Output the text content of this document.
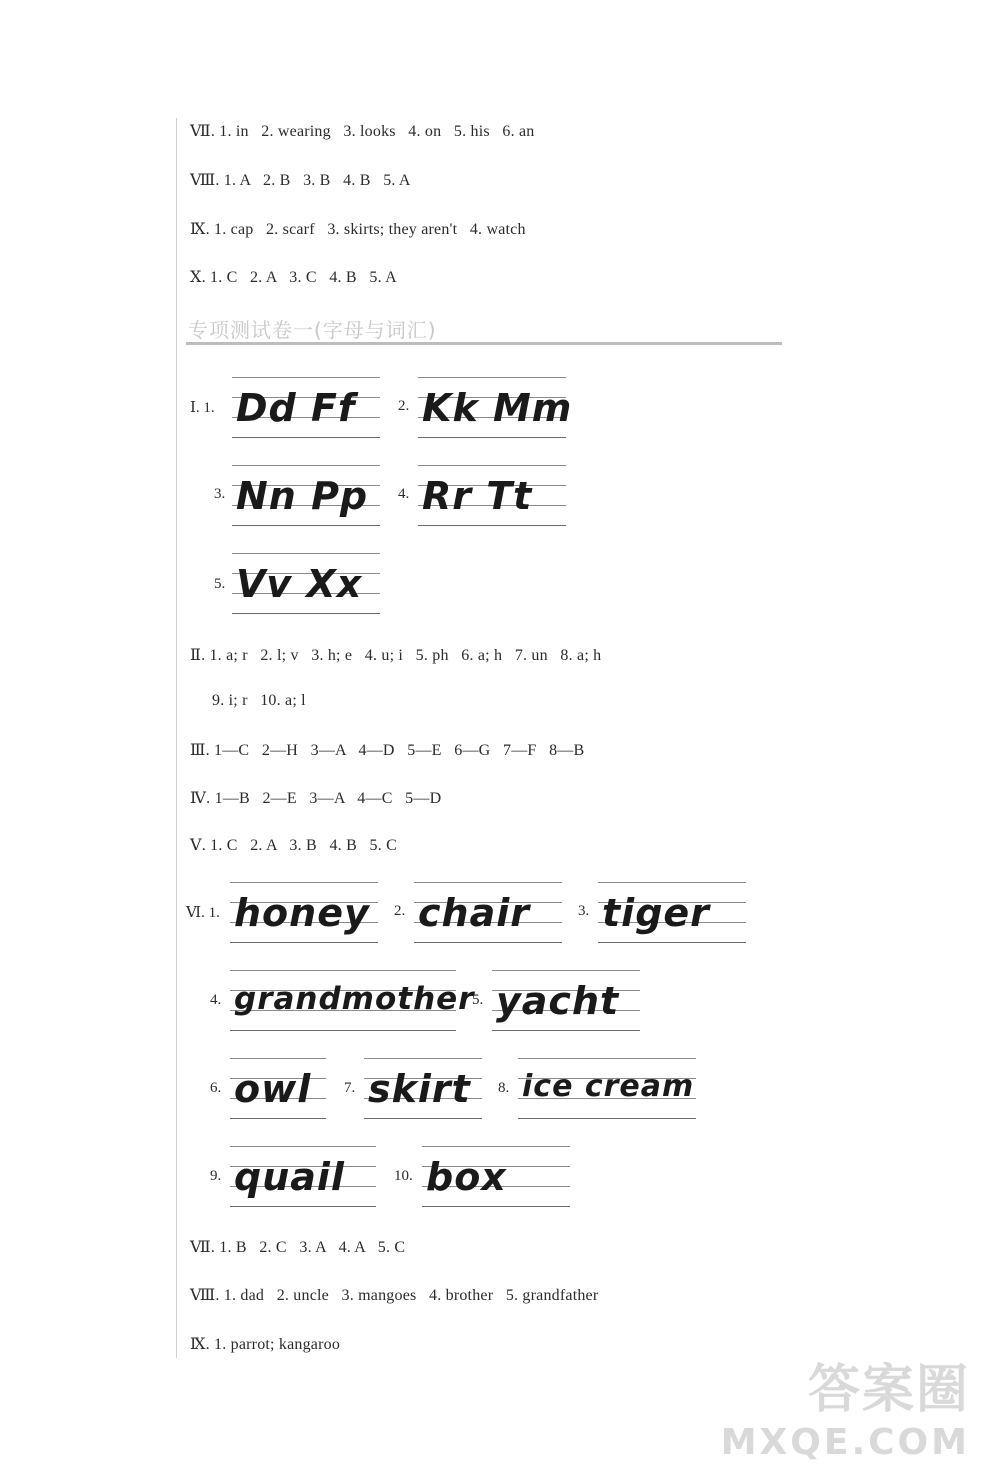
Ⅶ. 1. in   2. wearing   3. looks   4. on   5. his   6. an
Ⅷ. 1. A   2. B   3. B   4. B   5. A
Ⅸ. 1. cap   2. scarf   3. skirts; they aren't   4. watch
Ⅹ. 1. C   2. A   3. C   4. B   5. A
专项测试卷一(字母与词汇)
Ⅰ. 1. Dd Ff	2. Kk Mm
3. Nn Pp 4. Rr Tt
5. Vv Xx
Ⅱ. 1. a; r   2. l; v   3. h; e   4. u; i   5. ph   6. a; h   7. un   8. a; h
9. i; r   10. a; l
Ⅲ. 1—C   2—H   3—A   4—D   5—E   6—G   7—F   8—B
Ⅳ. 1—B   2—E   3—A   4—C   5—D
Ⅴ. 1. C   2. A   3. B   4. B   5. C
Ⅵ. 1. honey 2. chair	3. tiger
4. grandmother
5. yacht
6. owl 7. skirt 8. ice cream
9. quail	10. box
Ⅶ. 1. B   2. C   3. A   4. A   5. C
Ⅷ. 1. dad   2. uncle   3. mangoes   4. brother   5. grandfather
Ⅸ. 1. parrot; kangaroo
答案圈
MXQE.COM
